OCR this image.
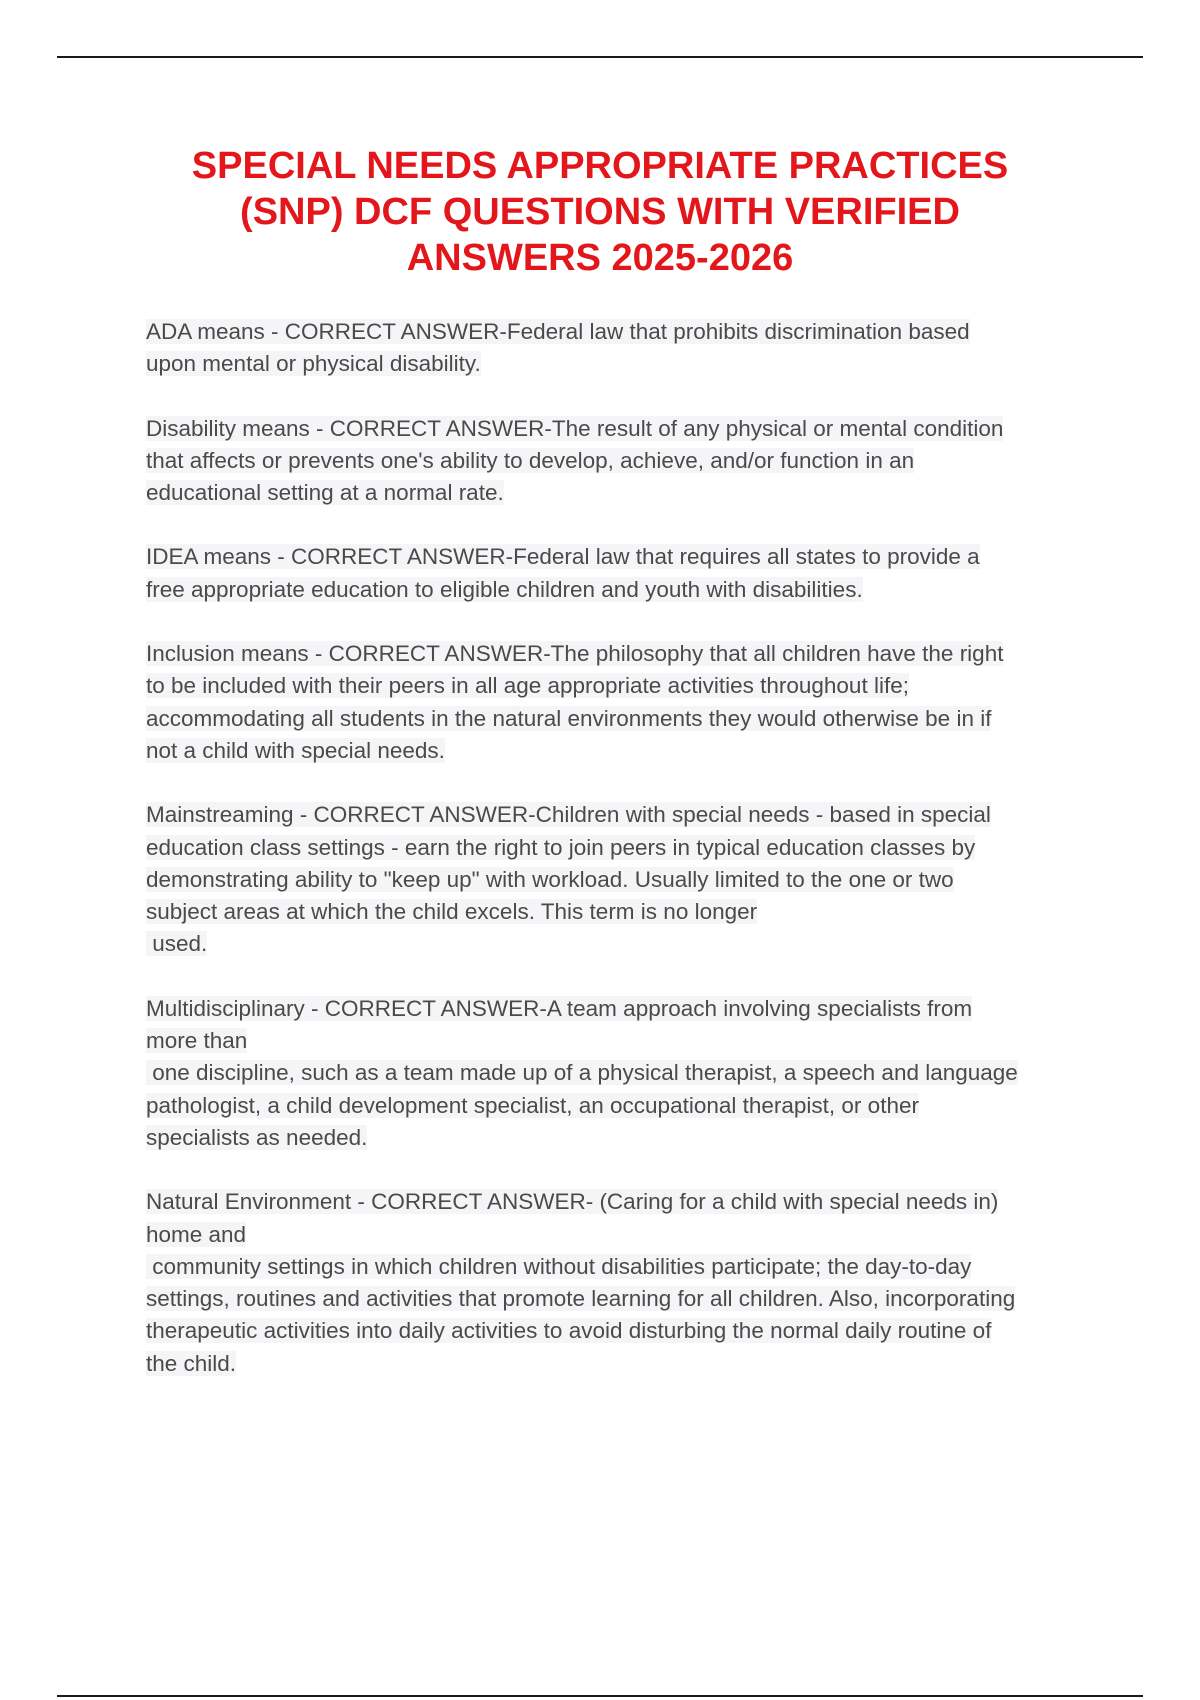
SPECIAL NEEDS APPROPRIATE PRACTICES
(SNP) DCF QUESTIONS WITH VERIFIED
ANSWERS 2025-2026

ADA means - CORRECT ANSWER-Federal law that prohibits discrimination based
upon mental or physical disability.

Disability means - CORRECT ANSWER-The result of any physical or mental condition
that affects or prevents one's ability to develop, achieve, and/or function in an
educational setting at a normal rate.

IDEA means - CORRECT ANSWER-Federal law that requires all states to provide a
free appropriate education to eligible children and youth with disabilities.

Inclusion means - CORRECT ANSWER-The philosophy that all children have the right
to be included with their peers in all age appropriate activities throughout life;
accommodating all students in the natural environments they would otherwise be in if
not a child with special needs.

Mainstreaming - CORRECT ANSWER-Children with special needs - based in special
education class settings - earn the right to join peers in typical education classes by
demonstrating ability to "keep up" with workload. Usually limited to the one or two
subject areas at which the child excels. This term is no longer
used.

Multidisciplinary - CORRECT ANSWER-A team approach involving specialists from
more than
one discipline, such as a team made up of a physical therapist, a speech and language
pathologist, a child development specialist, an occupational therapist, or other
specialists as needed.

Natural Environment - CORRECT ANSWER- (Caring for a child with special needs in)
home and
community settings in which children without disabilities participate; the day-to-day
settings, routines and activities that promote learning for all children. Also, incorporating
therapeutic activities into daily activities to avoid disturbing the normal daily routine of
the child.
